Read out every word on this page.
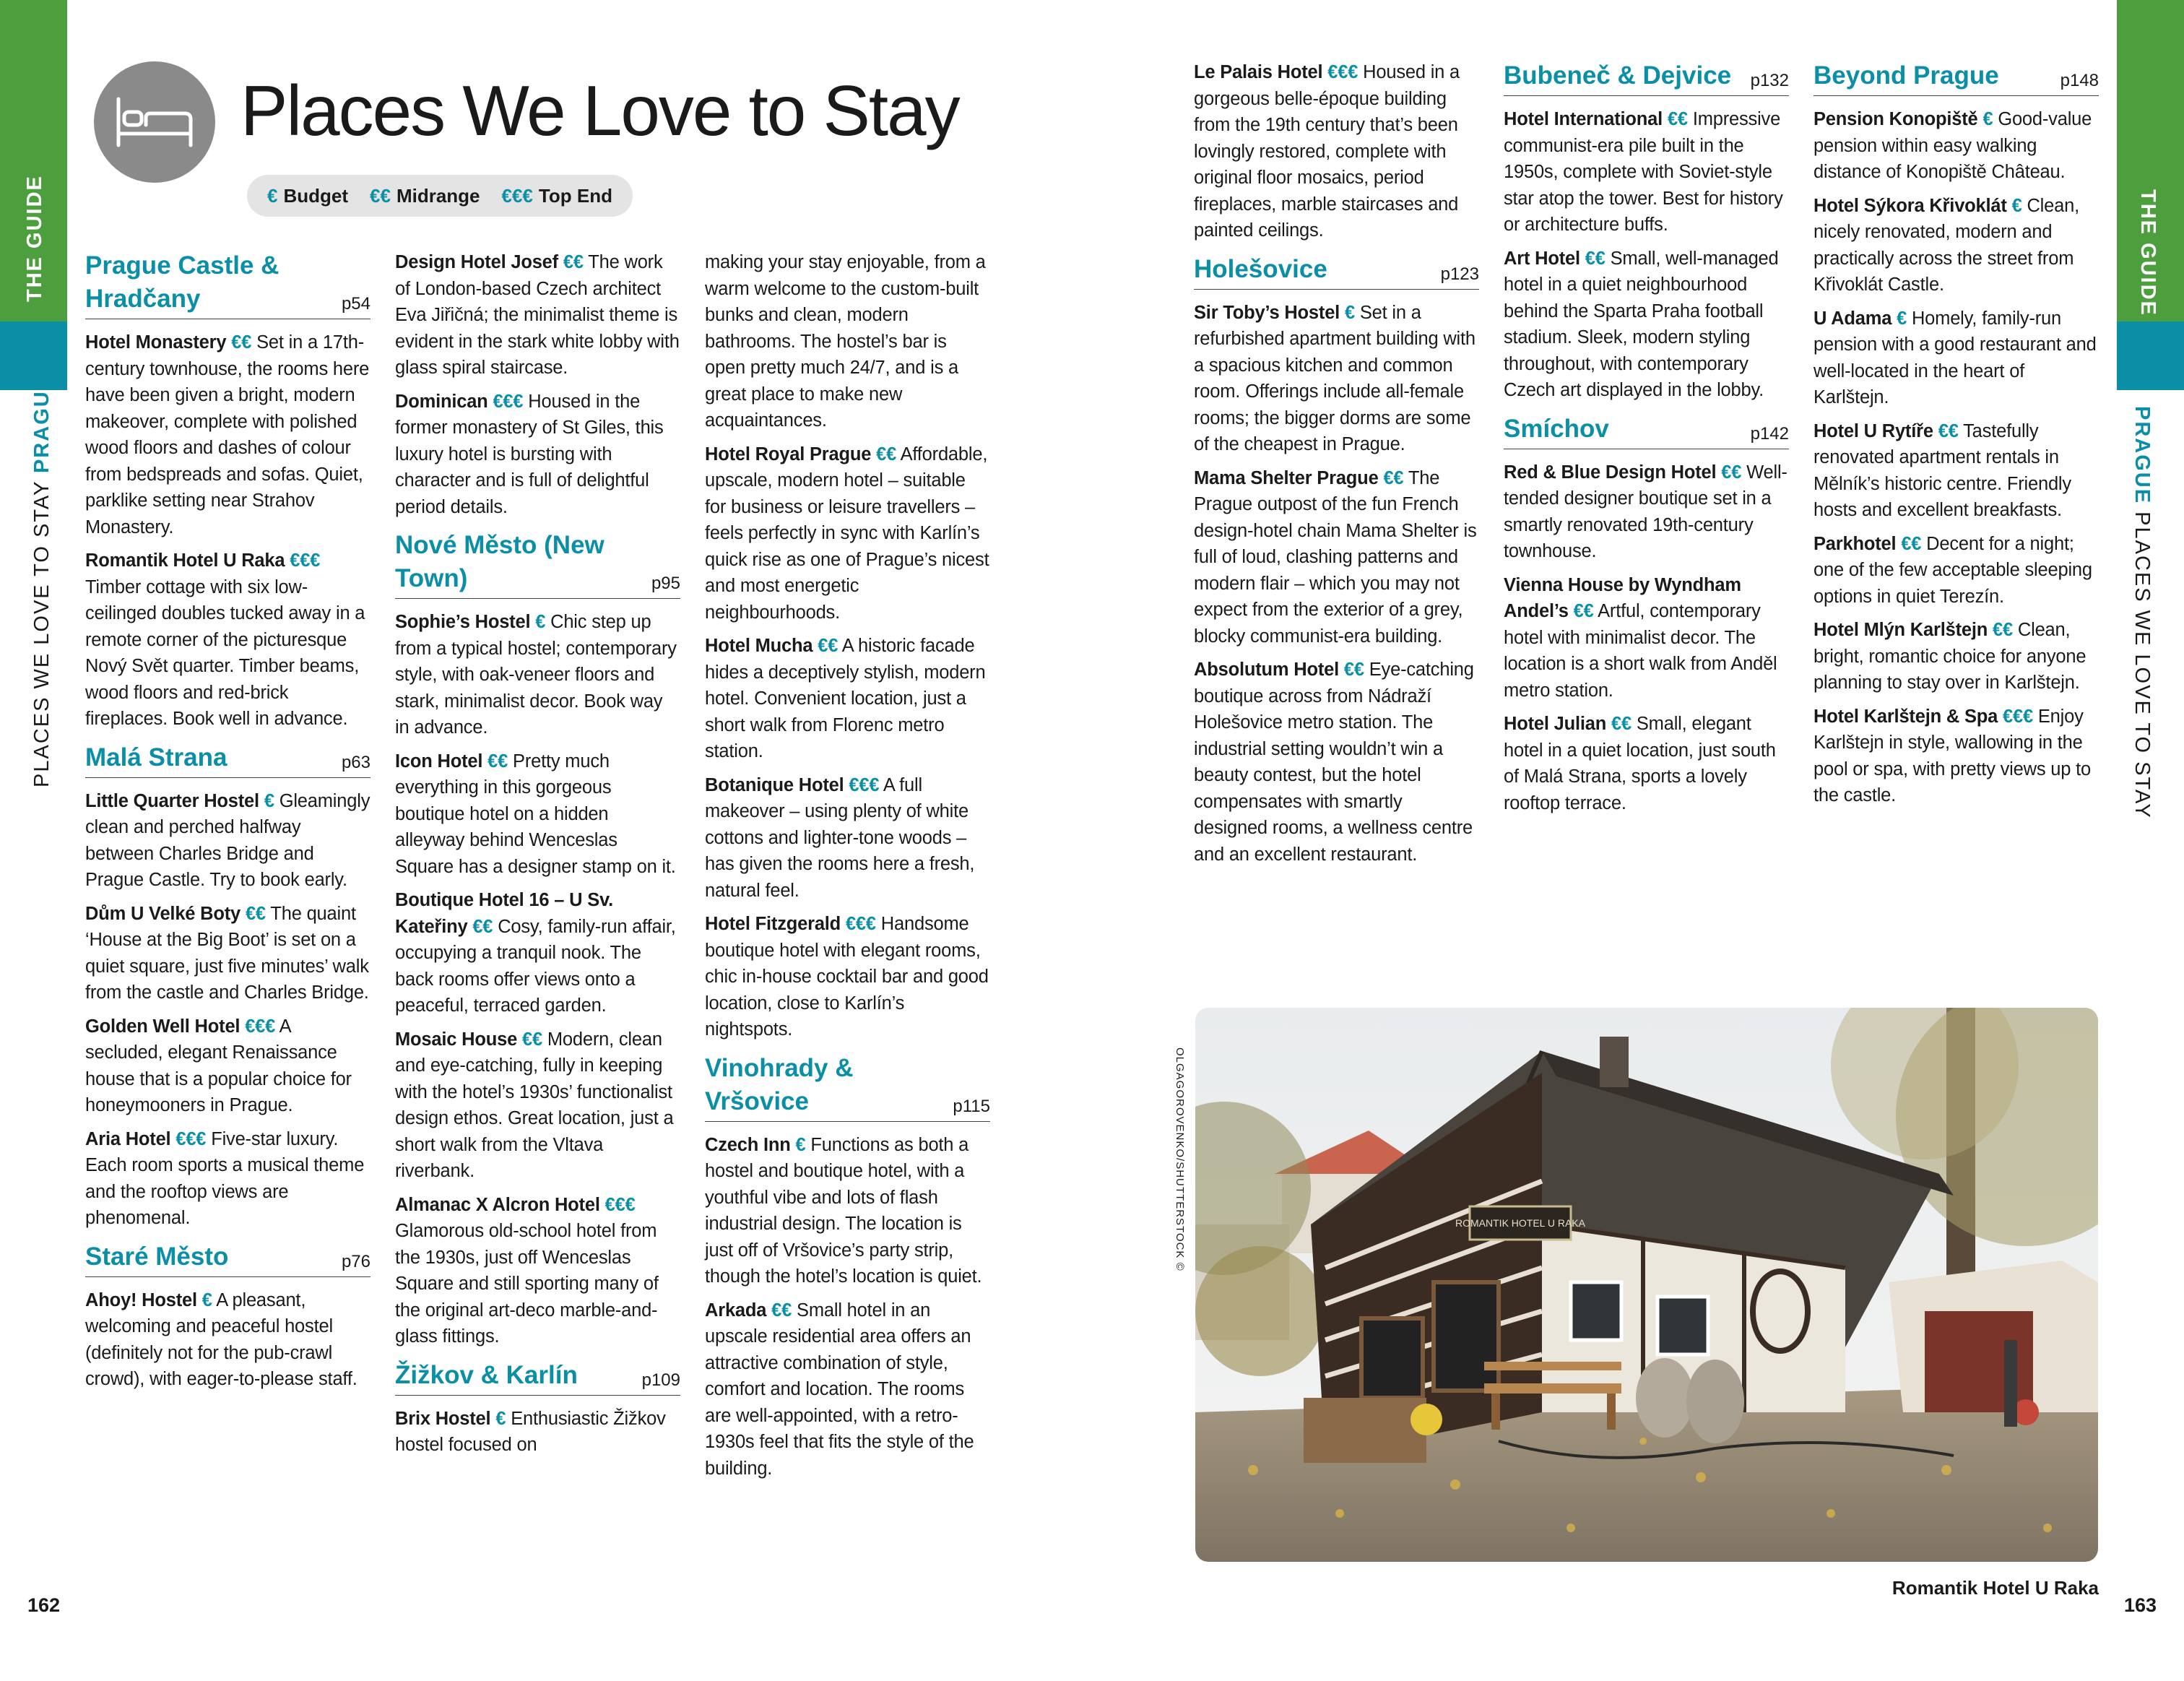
THE GUIDE	THE GUIDE
PLACES WE LOVE TO STAY PRAGUE	PRAGUE PLACES WE LOVE TO STAY
162	163
Places We Love to Stay
€ Budget €€ Midrange €€€ Top End
Prague Castle & Hradčany	p54
Hotel Monastery €€ Set in a 17th-century townhouse, the rooms here have been given a bright, modern makeover, complete with polished wood floors and dashes of colour from bedspreads and sofas. Quiet, parklike setting near Strahov Monastery.
Romantik Hotel U Raka €€€ Timber cottage with six low-ceilinged doubles tucked away in a remote corner of the picturesque Nový Svět quarter. Timber beams, wood floors and red-brick fireplaces. Book well in advance.
Malá Strana	p63
Little Quarter Hostel € Gleamingly clean and perched halfway between Charles Bridge and Prague Castle. Try to book early.
Dům U Velké Boty €€ The quaint ‘House at the Big Boot’ is set on a quiet square, just five minutes’ walk from the castle and Charles Bridge.
Golden Well Hotel €€€ A secluded, elegant Renaissance house that is a popular choice for honeymooners in Prague.
Aria Hotel €€€ Five-star luxury. Each room sports a musical theme and the rooftop views are phenomenal.
Staré Město	p76
Ahoy! Hostel € A pleasant, welcoming and peaceful hostel (definitely not for the pub-crawl crowd), with eager-to-please staff.
Design Hotel Josef €€ The work of London-based Czech architect Eva Jiřičná; the minimalist theme is evident in the stark white lobby with glass spiral staircase.
Dominican €€€ Housed in the former monastery of St Giles, this luxury hotel is bursting with character and is full of delightful period details.
Nové Město (New Town)	p95
Sophie’s Hostel € Chic step up from a typical hostel; contemporary style, with oak-veneer floors and stark, minimalist decor. Book way in advance.
Icon Hotel €€ Pretty much everything in this gorgeous boutique hotel on a hidden alleyway behind Wenceslas Square has a designer stamp on it.
Boutique Hotel 16 – U Sv. Kateřiny €€ Cosy, family-run affair, occupying a tranquil nook. The back rooms offer views onto a peaceful, terraced garden.
Mosaic House €€ Modern, clean and eye-catching, fully in keeping with the hotel’s 1930s’ functionalist design ethos. Great location, just a short walk from the Vltava riverbank.
Almanac X Alcron Hotel €€€ Glamorous old-school hotel from the 1930s, just off Wenceslas Square and still sporting many of the original art-deco marble-and-glass fittings.
Žižkov & Karlín	p109
Brix Hostel € Enthusiastic Žižkov hostel focused on
making your stay enjoyable, from a warm welcome to the custom-built bunks and clean, modern bathrooms. The hostel’s bar is open pretty much 24/7, and is a great place to make new acquaintances.
Hotel Royal Prague €€ Affordable, upscale, modern hotel – suitable for business or leisure travellers – feels perfectly in sync with Karlín’s quick rise as one of Prague’s nicest and most energetic neighbourhoods.
Hotel Mucha €€ A historic facade hides a deceptively stylish, modern hotel. Convenient location, just a short walk from Florenc metro station.
Botanique Hotel €€€ A full makeover – using plenty of white cottons and lighter-tone woods – has given the rooms here a fresh, natural feel.
Hotel Fitzgerald €€€ Handsome boutique hotel with elegant rooms, chic in-house cocktail bar and good location, close to Karlín’s nightspots.
Vinohrady & Vršovice	p115
Czech Inn € Functions as both a hostel and boutique hotel, with a youthful vibe and lots of flash industrial design. The location is just off of Vršovice’s party strip, though the hotel’s location is quiet.
Arkada €€ Small hotel in an upscale residential area offers an attractive combination of style, comfort and location. The rooms are well-appointed, with a retro-1930s feel that fits the style of the building.
Le Palais Hotel €€€ Housed in a gorgeous belle-époque building from the 19th century that’s been lovingly restored, complete with original floor mosaics, period fireplaces, marble staircases and painted ceilings.
Holešovice	p123
Sir Toby’s Hostel € Set in a refurbished apartment building with a spacious kitchen and common room. Offerings include all-female rooms; the bigger dorms are some of the cheapest in Prague.
Mama Shelter Prague €€ The Prague outpost of the fun French design-hotel chain Mama Shelter is full of loud, clashing patterns and modern flair – which you may not expect from the exterior of a grey, blocky communist-era building.
Absolutum Hotel €€ Eye-catching boutique across from Nádraží Holešovice metro station. The industrial setting wouldn’t win a beauty contest, but the hotel compensates with smartly designed rooms, a wellness centre and an excellent restaurant.
Bubeneč & Dejvice	p132
Hotel International €€ Impressive communist-era pile built in the 1950s, complete with Soviet-style star atop the tower. Best for history or architecture buffs.
Art Hotel €€ Small, well-managed hotel in a quiet neighbourhood behind the Sparta Praha football stadium. Sleek, modern styling throughout, with contemporary Czech art displayed in the lobby.
Smíchov	p142
Red & Blue Design Hotel €€ Well-tended designer boutique set in a smartly renovated 19th-century townhouse.
Vienna House by Wyndham Andel’s €€ Artful, contemporary hotel with minimalist decor. The location is a short walk from Anděl metro station.
Hotel Julian €€ Small, elegant hotel in a quiet location, just south of Malá Strana, sports a lovely rooftop terrace.
Beyond Prague	p148
Pension Konopiště € Good-value pension within easy walking distance of Konopiště Château.
Hotel Sýkora Křivoklát € Clean, nicely renovated, modern and practically across the street from Křivoklát Castle.
U Adama € Homely, family-run pension with a good restaurant and well-located in the heart of Karlštejn.
Hotel U Rytíře €€ Tastefully renovated apartment rentals in Mělník’s historic centre. Friendly hosts and excellent breakfasts.
Parkhotel €€ Decent for a night; one of the few acceptable sleeping options in quiet Terezín.
Hotel Mlýn Karlštejn €€ Clean, bright, romantic choice for anyone planning to stay over in Karlštejn.
Hotel Karlštejn & Spa €€€ Enjoy Karlštejn in style, wallowing in the pool or spa, with pretty views up to the castle.
OLGAGOROVENKO/SHUTTERSTOCK ©	ROMANTIK HOTEL U RAKA
Romantik Hotel U Raka
